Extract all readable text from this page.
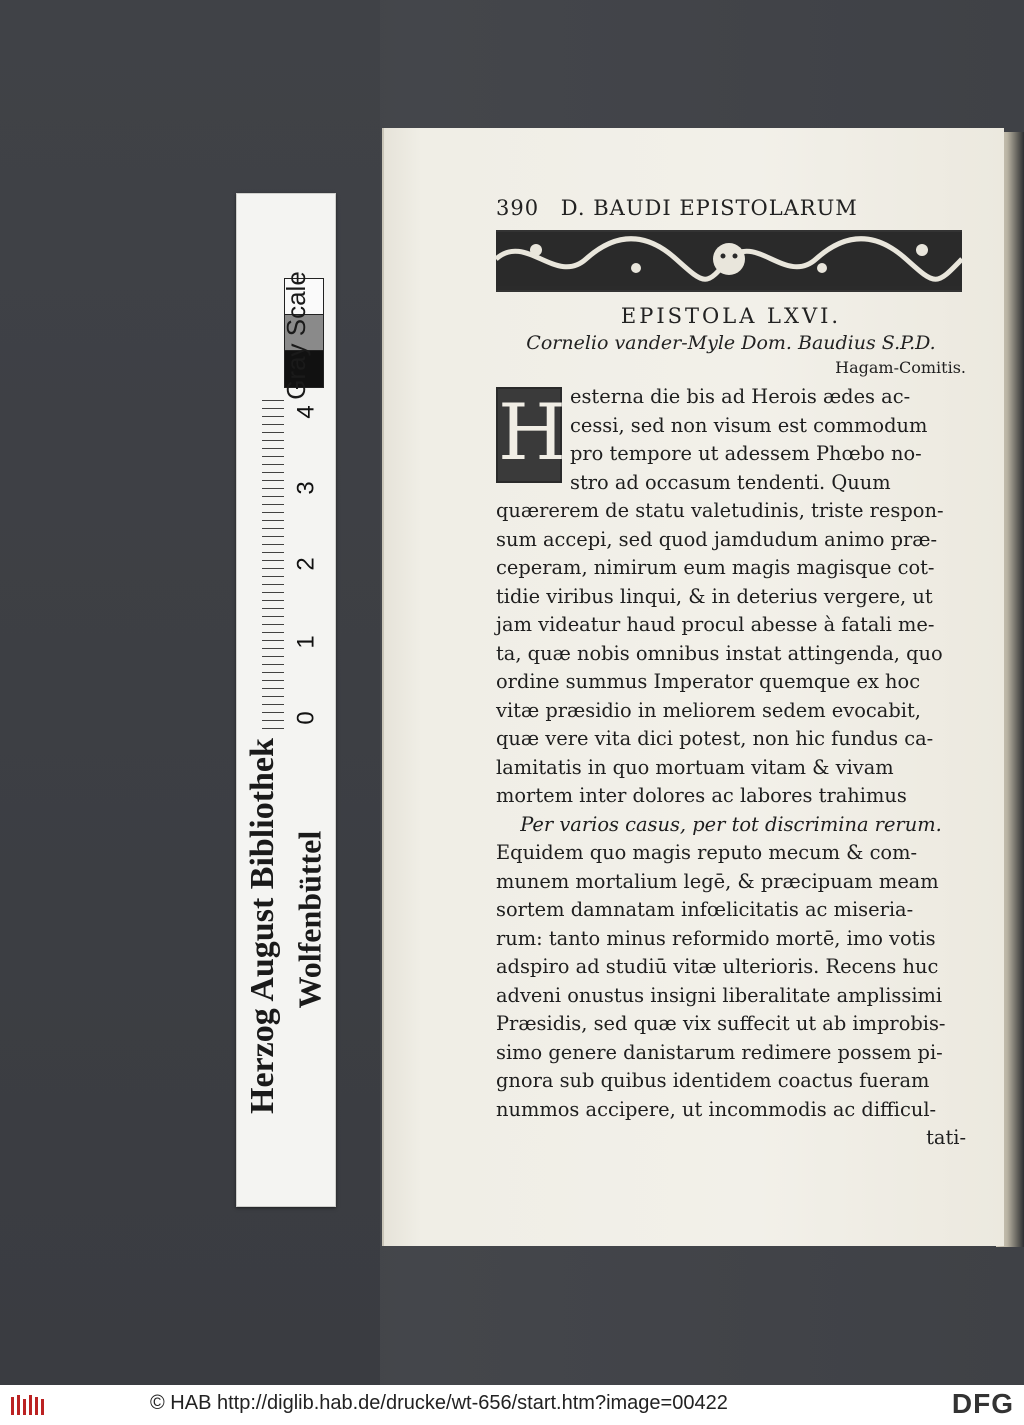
Gray Scale
4
3
2
1
0
Herzog August Bibliothek Wolfenbüttel
390 D. BAUDI EPISTOLARUM
EPISTOLA LXVI.
Cornelio vander-Myle Dom. Baudius S.P.D.
Hagam-Comitis.
H esterna die bis ad Herois ædes ac-
cessi, sed non visum est commodum
pro tempore ut adessem Phœbo no-
stro ad occasum tendenti. Quum
quærerem de statu valetudinis, triste respon-
sum accepi, sed quod jamdudum animo præ-
ceperam, nimirum eum magis magisque cot-
tidie viribus linqui, & in deterius vergere, ut
jam videatur haud procul abesse à fatali me-
ta, quæ nobis omnibus instat attingenda, quo
ordine summus Imperator quemque ex hoc
vitæ præsidio in meliorem sedem evocabit,
quæ vere vita dici potest, non hic fundus ca-
lamitatis in quo mortuam vitam & vivam
mortem inter dolores ac labores trahimus
Per varios casus, per tot discrimina rerum.
Equidem quo magis reputo mecum & com-
munem mortalium legē, & præcipuam meam
sortem damnatam infœlicitatis ac miseria-
rum: tanto minus reformido mortē, imo votis
adspiro ad studiū vitæ ulterioris. Recens huc
adveni onustus insigni liberalitate amplissimi
Præsidis, sed quæ vix suffecit ut ab improbis-
simo genere danistarum redimere possem pi-
gnora sub quibus identidem coactus fueram
nummos accipere, ut incommodis ac difficul-
tati-
© HAB http://diglib.hab.de/drucke/wt-656/start.htm?image=00422	DFG
